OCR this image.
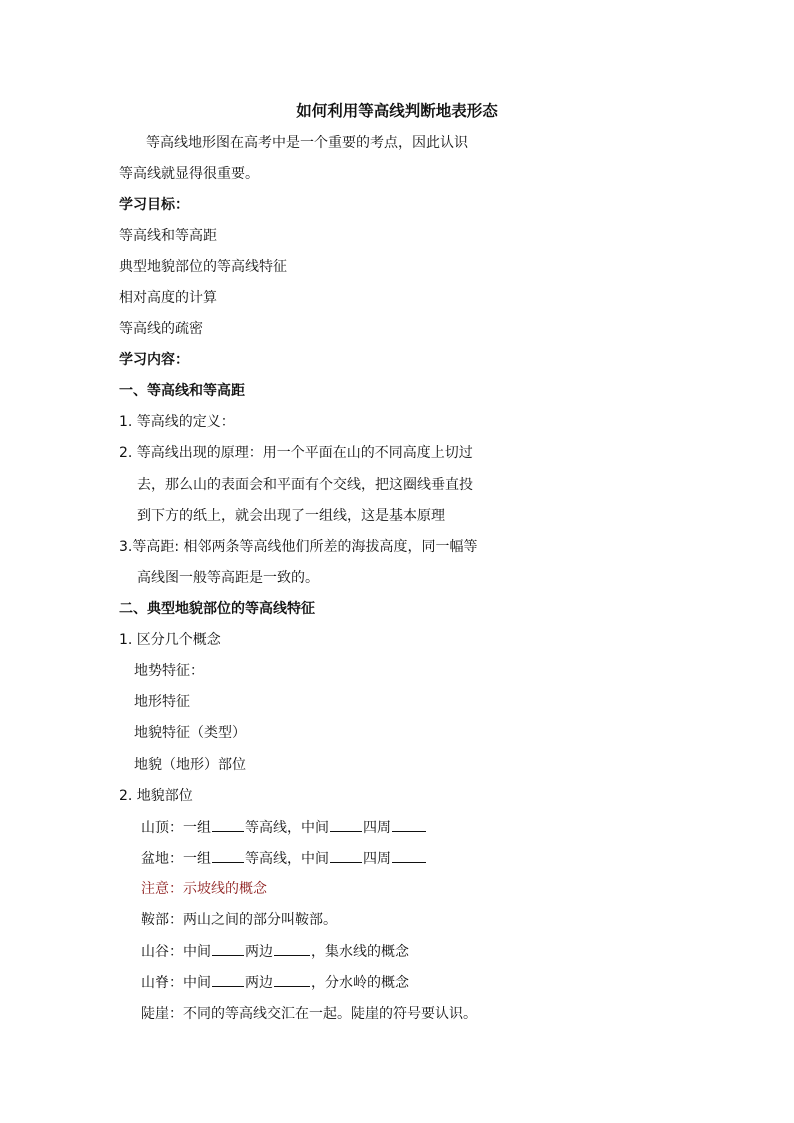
如何利用等高线判断地表形态
等高线地形图在高考中是一个重要的考点，因此认识
等高线就显得很重要。
学习目标：
等高线和等高距
典型地貌部位的等高线特征
相对高度的计算
等高线的疏密
学习内容：
一、等高线和等高距
1. 等高线的定义：
2. 等高线出现的原理：用一个平面在山的不同高度上切过
去，那么山的表面会和平面有个交线，把这圈线垂直投
到下方的纸上，就会出现了一组线，这是基本原理
3.等高距: 相邻两条等高线他们所差的海拔高度，同一幅等
高线图一般等高距是一致的。
二、典型地貌部位的等高线特征
1. 区分几个概念
地势特征：
地形特征
地貌特征（类型）
地貌（地形）部位
2. 地貌部位
山顶：一组 等高线，中间 四周
盆地：一组 等高线，中间 四周
注意：示坡线的概念
鞍部：两山之间的部分叫鞍部。
山谷：中间 两边	，集水线的概念
山脊：中间 两边	，分水岭的概念
陡崖：不同的等高线交汇在一起。陡崖的符号要认识。
